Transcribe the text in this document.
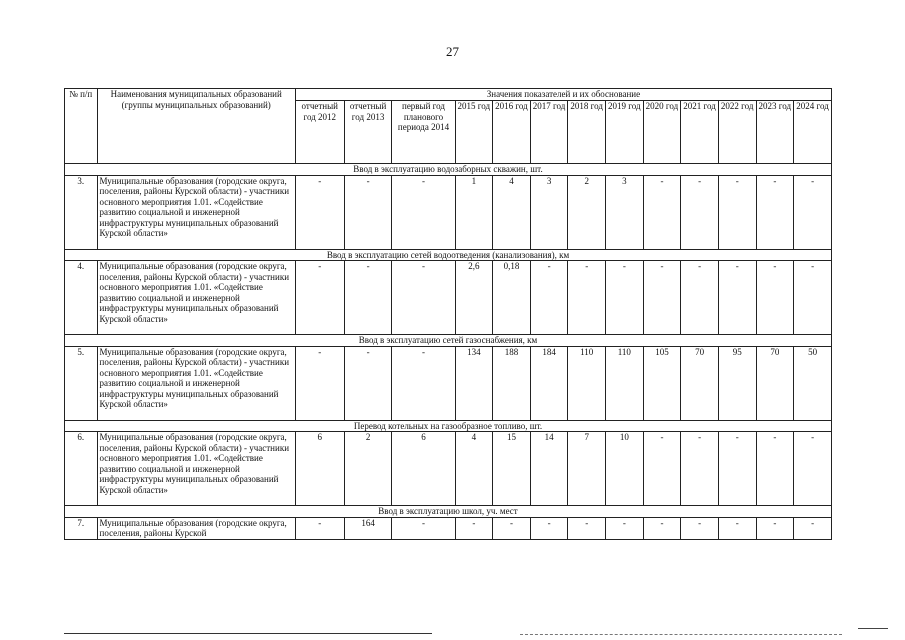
27
№ п/п	Наименования муниципальных образований (группы муниципальных образований)	Значения показателей и их обоснование												
		отчетный год 2012	отчетный год 2013	первый год планового периода 2014	2015 год	2016 год	2017 год	2018 год	2019 год	2020 год	2021 год	2022 год	2023 год	2024 год
Ввод в эксплуатацию водозаборных скважин, шт.														
3.	Муниципальные образования (городские округа, поселения, районы Курской области) - участники основного мероприятия 1.01. «Содействие развитию социальной и инженерной инфраструктуры муниципальных образований Курской области»	-	-	-	1	4	3	2	3	-	-	-	-	-
Ввод в эксплуатацию сетей водоотведения (канализования), км														
4.	Муниципальные образования (городские округа, поселения, районы Курской области) - участники основного мероприятия 1.01. «Содействие развитию социальной и инженерной инфраструктуры муниципальных образований Курской области»	-	-	-	2,6	0,18	-	-	-	-	-	-	-	-
Ввод в эксплуатацию сетей газоснабжения, км														
5.	Муниципальные образования (городские округа, поселения, районы Курской области) - участники основного мероприятия 1.01. «Содействие развитию социальной и инженерной инфраструктуры муниципальных образований Курской области»	-	-	-	134	188	184	110	110	105	70	95	70	50
Перевод котельных на газообразное топливо, шт.														
6.	Муниципальные образования (городские округа, поселения, районы Курской области) - участники основного мероприятия 1.01. «Содействие развитию социальной и инженерной инфраструктуры муниципальных образований Курской области»	6	2	6	4	15	14	7	10	-	-	-	-	-
Ввод в эксплуатацию школ, уч. мест														
7.	Муниципальные образования (городские округа, поселения, районы Курской	-	164	-	-	-	-	-	-	-	-	-	-	-
